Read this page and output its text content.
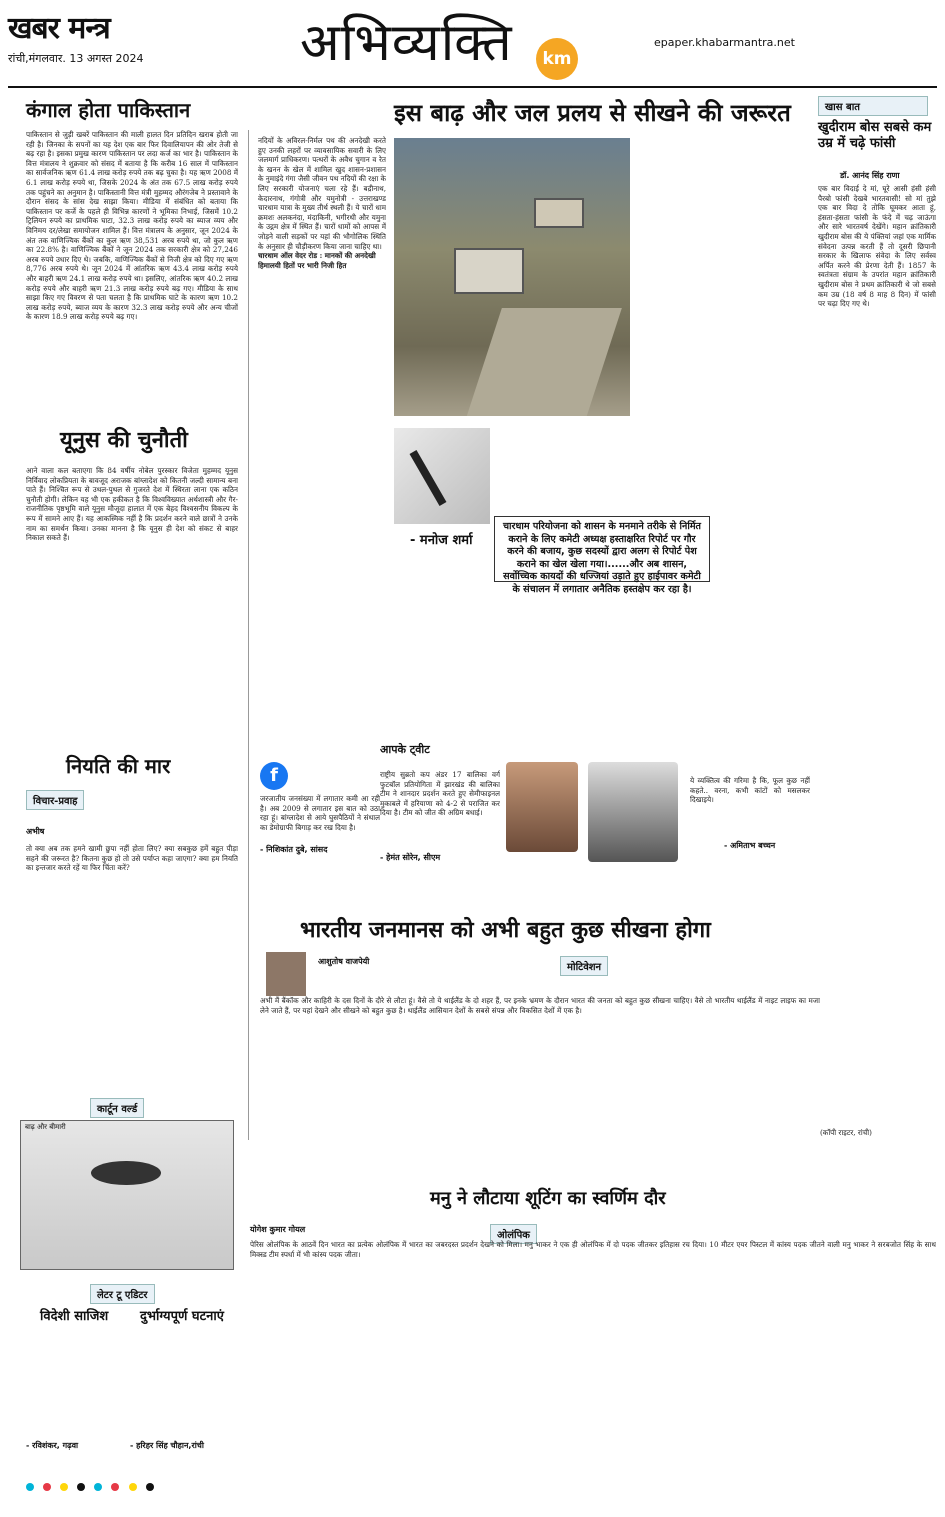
खबर मन्त्र
रांची,मंगलवार. 13 अगस्त 2024	अभिव्यक्ति	km
epaper.khabarmantra.net
कंगाल होता पाकिस्तान
पाकिस्तान से जुड़ी खबरें पाकिस्तान की माली हालत दिन प्रतिदिन खराब होती जा रही है। जिनका के सपनों का यह देश एक बार फिर दिवालियापन की ओर तेजी से बढ़ रहा है। इसका प्रमुख कारण पाकिस्तान पर लदा कर्ज का भार है। पाकिस्तान के वित्त मंत्रालय ने शुक्रवार को संसद में बताया है कि करीब 16 साल में पाकिस्तान का सार्वजनिक ऋण 61.4 लाख करोड़ रुपये तक बढ़ चुका है। यह ऋण 2008 में 6.1 लाख करोड़ रुपये था, जिसके 2024 के अंत तक 67.5 लाख करोड़ रुपये तक पहुंचने का अनुमान है। पाकिस्तानी वित्त मंत्री मुहम्मद औरंगजेब ने प्रस्तावाने के दौरान संसद के सांस देख साझा किया। मीडिया में संबंधित को बताया कि पाकिस्तान पर कर्जे के पहले ही विभिन्न कारणों ने भूमिका निभाई, जिसमें 10.2 ट्रिलियन रुपये का प्राथमिक घाटा, 32.3 लाख करोड़ रुपये का ब्याज व्यय और विनिमय दर/लेखा समायोजन शामिल हैं। वित्त मंत्रालय के अनुसार, जून 2024 के अंत तक वाणिज्यिक बैंकों का कुल ऋण 38,531 अरब रुपये था, जो कुल ऋण का 22.8% है। वाणिज्यिक बैंकों ने जून 2024 तक सरकारी क्षेत्र को 27,246 अरब रुपये उधार दिए थे। जबकि, वाणिज्यिक बैंकों से निजी क्षेत्र को दिए गए ऋण 8,776 अरब रुपये थे। जून 2024 में आंतरिक ऋण 43.4 लाख करोड़ रुपये और बाहरी ऋण 24.1 लाख करोड़ रुपये था। इसलिए, आंतरिक ऋण 40.2 लाख करोड़ रुपये और बाहरी ऋण 21.3 लाख करोड़ रुपये बढ़ गए। मीडिया के साथ साझा किए गए विवरण से पता चलता है कि प्राथमिक घाटे के कारण ऋण 10.2 लाख करोड़ रुपये, ब्याज व्यय के कारण 32.3 लाख करोड़ रुपये और अन्य चीजों के कारण 18.9 लाख करोड़ रुपये बढ़ गए।
यूनुस की चुनौती
आने वाला कल बताएगा कि 84 वर्षीय नोबेल पुरस्कार विजेता मुहम्मद यूनुस निर्विवाद लोकप्रियता के बावजूद अराजक बांग्लादेश को कितनी जल्दी सामान्य बना पाते हैं। निश्चित रूप से उथल-पुथल से गुजरते देश में स्थिरता लाना एक कठिन चुनौती होगी। लेकिन यह भी एक हकीकत है कि विश्वविख्यात अर्थशास्त्री और गैर-राजनीतिक पृष्ठभूमि वाले यूनुस मौजूदा हालात में एक बेहद विश्वसनीय विकल्प के रूप में सामने आए हैं। यह आकस्मिक नहीं है कि प्रदर्शन करने वाले छात्रों ने उनके नाम का समर्थन किया। उनका मानना है कि यूनुस ही देश को संकट से बाहर निकाल सकते हैं।
नियति की मार
इस बाढ़ और जल प्रलय से सीखने की जरूरत
नदियों के अविरल-निर्मल पथ की अनदेखी करते हुए उनकी लहरों पर व्यावसायिक सवारी के लिए जलमार्ग प्राधिकरण। पत्थरों के अवैध चुगान व रेत के खनन के खेल में शामिल खुद शासन-प्रशासन के नुमाइंदे गंगा जैसी जीवन पथ नदियों की रक्षा के लिए सरकारी योजनाएं चला रहे हैं। बद्रीनाथ, केदारनाथ, गंगोत्री और यमुनोत्री - उत्तराखण्ड चारधाम यात्रा के मुख्य तीर्थ स्थली हैं। ये चारों धाम क्रमशः अलकनंदा, मंदाकिनी, भगीरथी और यमुना के उद्गम क्षेत्र में स्थित हैं। चारों धामों को आपस में जोड़ने वाली सड़कों पर यहां की भौगोलिक स्थिति के अनुसार ही चौड़ीकरण किया जाना चाहिए था।
चारधाम ऑल वेदर रोड : मानकों की अनदेखी
हिमालयी हितों पर भारी निजी हित
चारधाम परियोजना को शासन के मनमाने तरीके से निर्मित कराने के लिए कमेटी अध्यक्ष हस्ताक्षरित रिपोर्ट पर गौर करने की बजाय, कुछ सदस्यों द्वारा अलग से रिपोर्ट पेश कराने का खेल खेला गया।......और अब शासन, सर्वोच्चिक कायदों की धज्जियां उड़ाते हुए हाईपावर कमेटी के संचालन में लगातार अनैतिक हस्तक्षेप कर रहा है।
- मनोज शर्मा
खास बात
खुदीराम बोस सबसे कम उम्र में चढ़े फांसी
डॉ. आनंद सिंह राणा
एक बार विदाई दे मां, घूरे आसी हंसी हंसी पैरबो फांसी देखबे भारतवासी! सो मां तुझे एक बार विदा दे तोकि घूमकर आता हूं, हंसता-हंसता फांसी के फंदे में चढ़ जाऊंगा और सारे भारतवर्ष देखेंगे। महान क्रांतिकारी खुदीराम बोस की ये पंक्तियां जहां एक मार्मिक संवेदना उत्पन्न करती हैं तो दूसरी छिपानी सरकार के खिलाफ संवेदा के लिए सर्वस्व अर्पित करने की प्रेरणा देती हैं। 1857 के स्वतंत्रता संग्राम के उपरांत महान क्रांतिकारी खुदीराम बोस ने प्रथम क्रांतिकारी थे जो सबसे कम उम्र (18 वर्ष 8 माह 8 दिन) में फांसी पर चढ़ा दिए गए थे।
f
जरजातीय जनसंख्या में लगातार कमी आ रही है। अब 2009 से लगातार इस बात को उठा रहा हूं। बांग्लादेश से आये घुसपैठियों ने संथाल का डेमोग्राफी बिगाड़ कर रख दिया है।
- निशिकांत दुबे, सांसद
आपके ट्वीट
राष्ट्रीय सुब्रतो कप अंडर 17 बालिका वर्ग फुटबॉल प्रतियोगिता में झारखंड की बालिका टीम ने शानदार प्रदर्शन करते हुए सेमीफाइनल मुकाबले में हरियाणा को 4-2 से पराजित कर दिया है। टीम को जीत की अग्रिम बधाई।
- हेमंत सोरेन, सीएम
ये व्यक्तित्व की गरिमा है कि, फूल कुछ नहीं कहते.. वरना, कभी कांटों को मसलकर दिखाइये।
- अमिताभ बच्चन
भारतीय जनमानस को अभी बहुत कुछ सीखना होगा
आशुतोष वाजपेयी
मोटिवेशन
अभी मैं बैंकॉक और काहिरी के दस दिनों के दौरे से लौटा हूं। वैसे तो ये थाईलैंड के दो शहर हैं, पर इनके भ्रमण के दौरान भारत की जनता को बहुत कुछ सीखना चाहिए। वैसे तो भारतीय थाईलैंड में नाइट लाइफ का मजा लेने जाते हैं, पर यहां देखने और सीखने को बहुत कुछ है। थाईलैंड आसियान देशों के सबसे संपन्न और विकसित देशों में एक है।
(कॉपी राइटर, रांची)
विचार-प्रवाह
अभीष
तो क्या अब तक हमने खामी छुपा नहीं होता लिए? क्या सबकुछ हमें बहुत पीड़ा सहने की जरूरत है? कितना कुछ हो तो उसे पर्याप्त कहा जाएगा? क्या हम नियति का इन्तजार करते रहें या फिर चिंता करें?
कार्टून वर्ल्ड
बाढ़ और बीमारी
लेटर टू एडिटर
विदेशी साजिश दुर्भाग्यपूर्ण घटनाएं
- रविशंकर, गढ़वा	- हरिहर सिंह चौहान,रांची
मनु ने लौटाया शूटिंग का स्वर्णिम दौर
योगेश कुमार गोयल
ओलंपिक
पेरिस ओलंपिक के आठवें दिन भारत का प्रत्येक ओलंपिक में भारत का जबरदस्त प्रदर्शन देखने को मिला। मनु भाकर ने एक ही ओलंपिक में दो पदक जीतकर इतिहास रच दिया। 10 मीटर एयर पिस्टल में कांस्य पदक जीतने वाली मनु भाकर ने सरबजोत सिंह के साथ मिक्स्ड टीम स्पर्धा में भी कांस्य पदक जीता।
